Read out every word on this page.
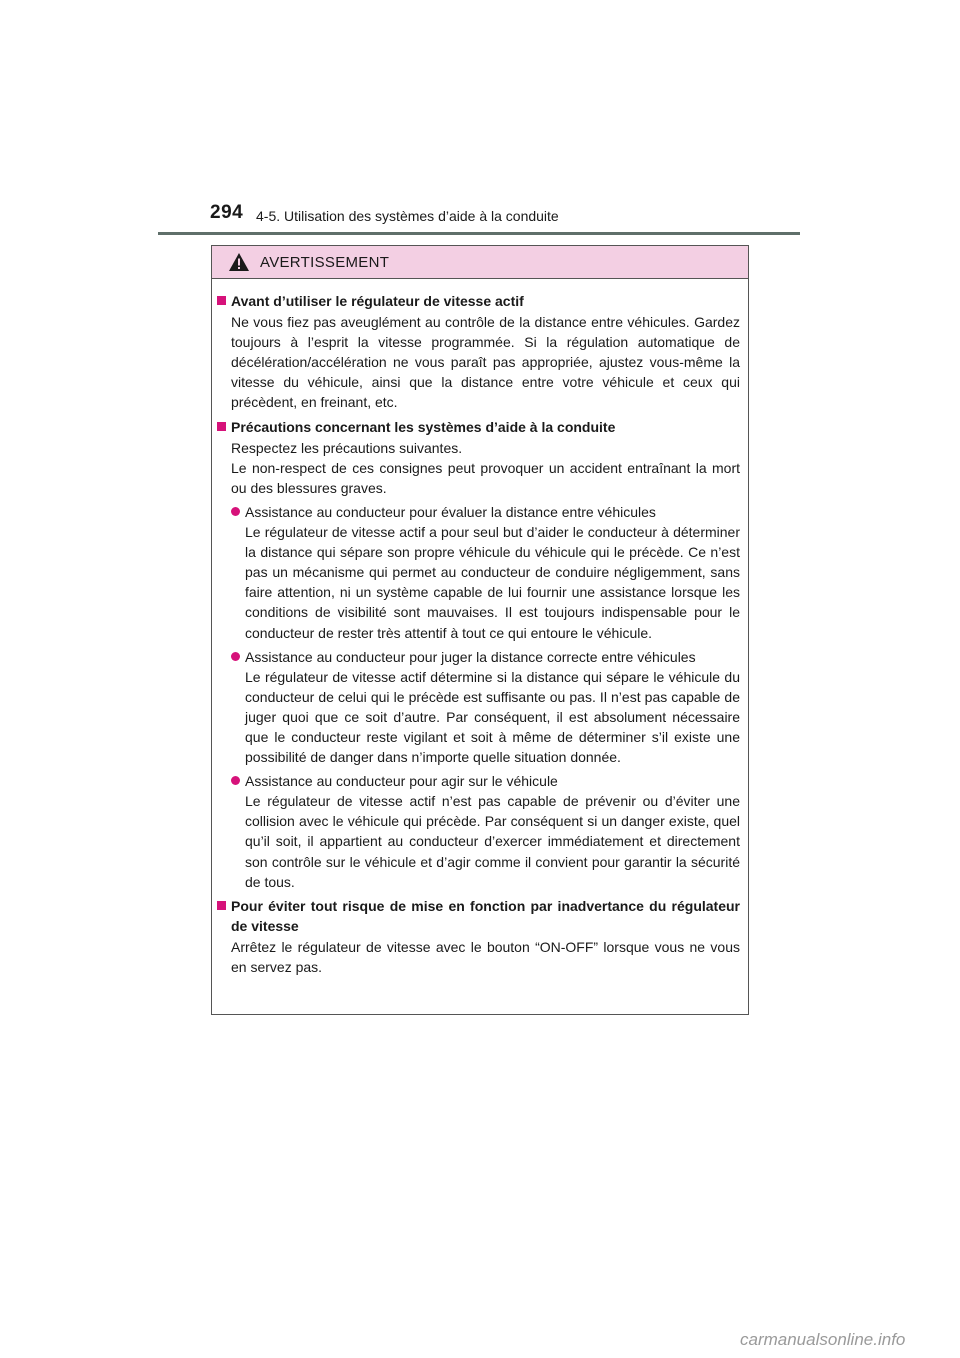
294 4-5. Utilisation des systèmes d’aide à la conduite
AVERTISSEMENT
Avant d’utiliser le régulateur de vitesse actif
Ne vous fiez pas aveuglément au contrôle de la distance entre véhicules. Gardez toujours à l’esprit la vitesse programmée. Si la régulation automatique de décélération/accélération ne vous paraît pas appropriée, ajustez vous-même la vitesse du véhicule, ainsi que la distance entre votre véhicule et ceux qui précèdent, en freinant, etc.
Précautions concernant les systèmes d’aide à la conduite
Respectez les précautions suivantes.
Le non-respect de ces consignes peut provoquer un accident entraînant la mort ou des blessures graves.
Assistance au conducteur pour évaluer la distance entre véhicules
Le régulateur de vitesse actif a pour seul but d’aider le conducteur à déterminer la distance qui sépare son propre véhicule du véhicule qui le précède. Ce n’est pas un mécanisme qui permet au conducteur de conduire négligemment, sans faire attention, ni un système capable de lui fournir une assistance lorsque les conditions de visibilité sont mauvaises. Il est toujours indispensable pour le conducteur de rester très attentif à tout ce qui entoure le véhicule.
Assistance au conducteur pour juger la distance correcte entre véhicules
Le régulateur de vitesse actif détermine si la distance qui sépare le véhicule du conducteur de celui qui le précède est suffisante ou pas. Il n’est pas capable de juger quoi que ce soit d’autre. Par conséquent, il est absolument nécessaire que le conducteur reste vigilant et soit à même de déterminer s’il existe une possibilité de danger dans n’importe quelle situation donnée.
Assistance au conducteur pour agir sur le véhicule
Le régulateur de vitesse actif n’est pas capable de prévenir ou d’éviter une collision avec le véhicule qui précède. Par conséquent si un danger existe, quel qu’il soit, il appartient au conducteur d’exercer immédiatement et directement son contrôle sur le véhicule et d’agir comme il convient pour garantir la sécurité de tous.
Pour éviter tout risque de mise en fonction par inadvertance du régulateur de vitesse
Arrêtez le régulateur de vitesse avec le bouton “ON-OFF” lorsque vous ne vous en servez pas.
carmanualsonline.info
